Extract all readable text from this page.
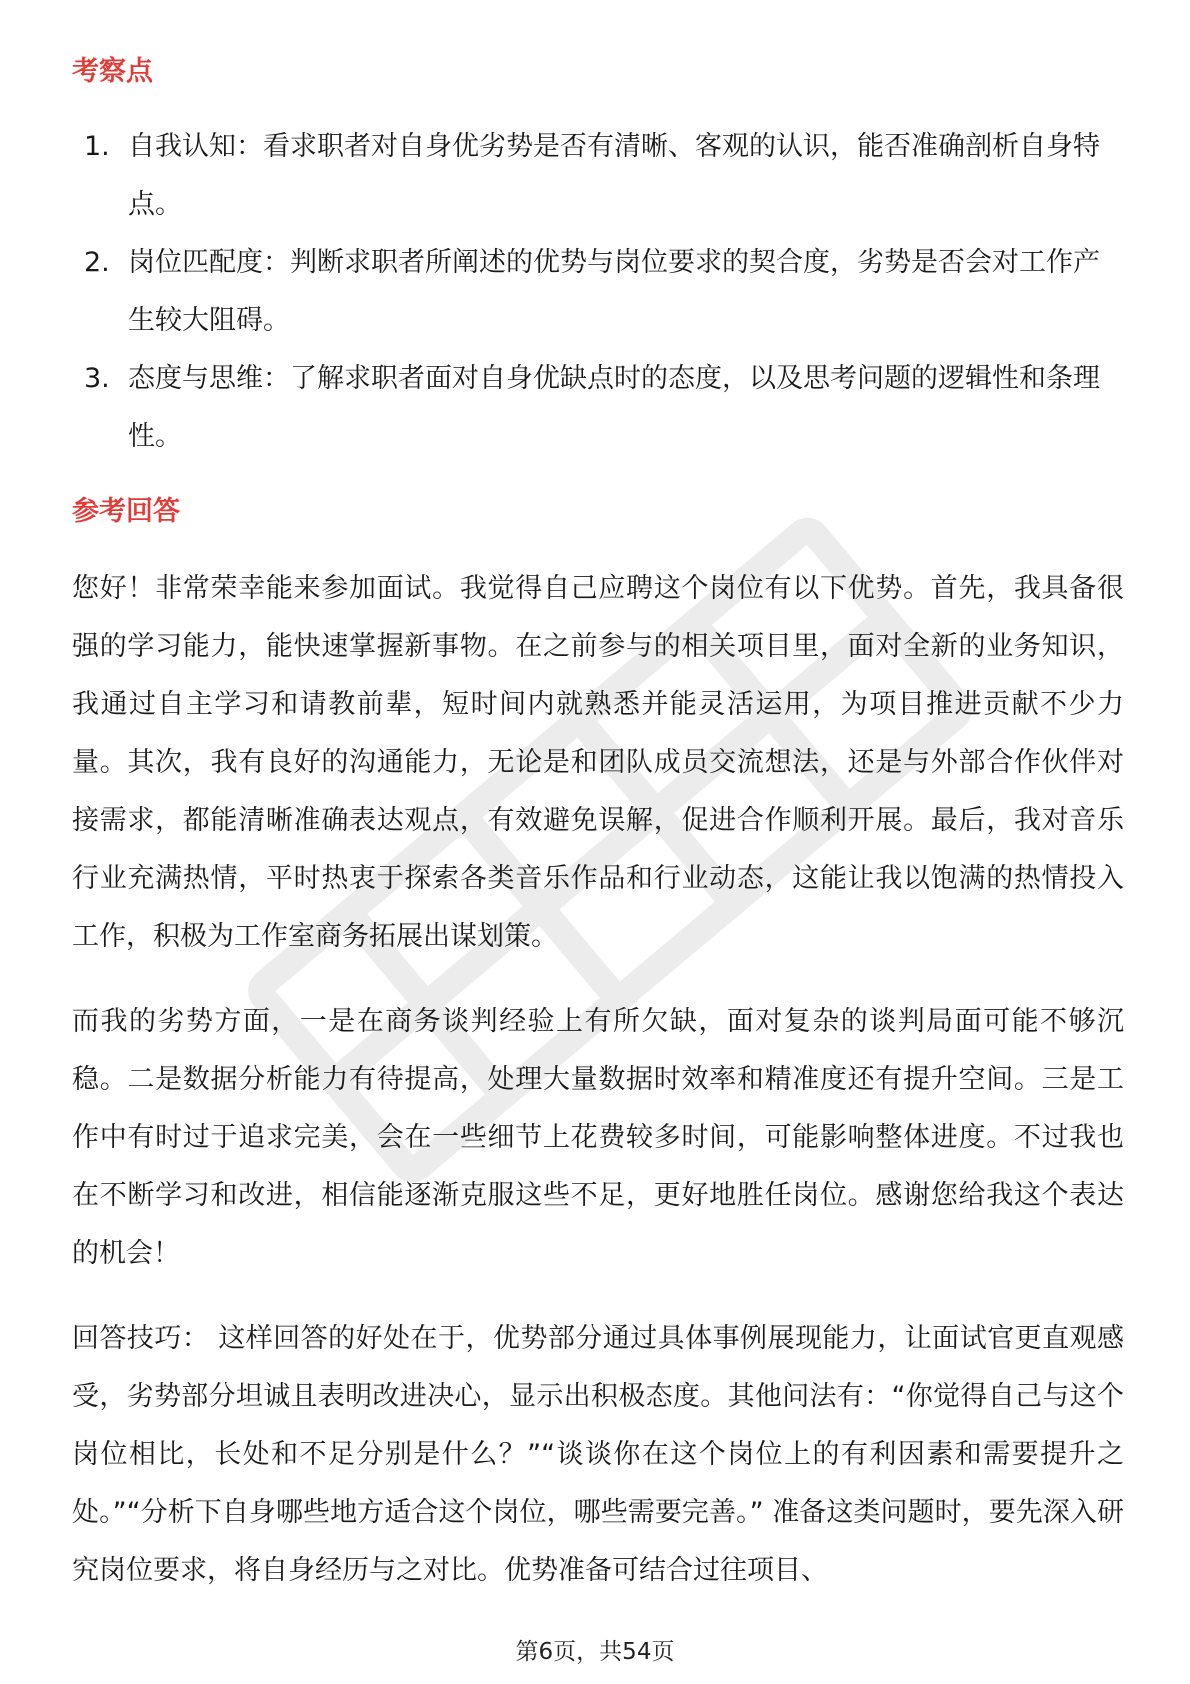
考察点
1. 自我认知：看求职者对自身优劣势是否有清晰、客观的认识，能否准确剖析自身特点。
2. 岗位匹配度：判断求职者所阐述的优势与岗位要求的契合度，劣势是否会对工作产生较大阻碍。
3. 态度与思维：了解求职者面对自身优缺点时的态度，以及思考问题的逻辑性和条理性。
参考回答

您好！非常荣幸能来参加面试。我觉得自己应聘这个岗位有以下优势。首先，我具备很强的学习能力，能快速掌握新事物。在之前参与的相关项目里，面对全新的业务知识，我通过自主学习和请教前辈，短时间内就熟悉并能灵活运用，为项目推进贡献不少力量。其次，我有良好的沟通能力，无论是和团队成员交流想法，还是与外部合作伙伴对接需求，都能清晰准确表达观点，有效避免误解，促进合作顺利开展。最后，我对音乐行业充满热情，平时热衷于探索各类音乐作品和行业动态，这能让我以饱满的热情投入工作，积极为工作室商务拓展出谋划策。

而我的劣势方面，一是在商务谈判经验上有所欠缺，面对复杂的谈判局面可能不够沉稳。二是数据分析能力有待提高，处理大量数据时效率和精准度还有提升空间。三是工作中有时过于追求完美，会在一些细节上花费较多时间，可能影响整体进度。不过我也在不断学习和改进，相信能逐渐克服这些不足，更好地胜任岗位。感谢您给我这个表达的机会！

回答技巧： 这样回答的好处在于，优势部分通过具体事例展现能力，让面试官更直观感受，劣势部分坦诚且表明改进决心，显示出积极态度。其他问法有：“你觉得自己与这个岗位相比，长处和不足分别是什么？”“谈谈你在这个岗位上的有利因素和需要提升之处。”“分析下自身哪些地方适合这个岗位，哪些需要完善。” 准备这类问题时，要先深入研究岗位要求，将自身经历与之对比。优势准备可结合过往项目、

第6页，共54页
